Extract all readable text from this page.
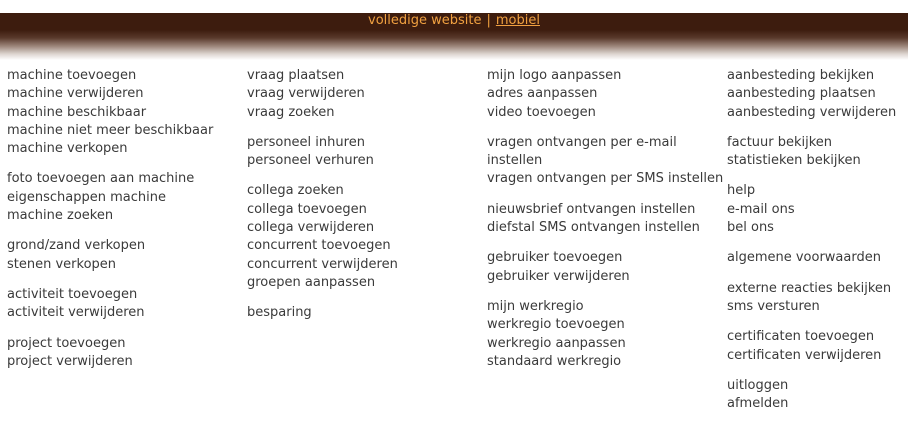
volledige website | mobiel
machine toevoegen
machine verwijderen
machine beschikbaar
machine niet meer beschikbaar
machine verkopen
foto toevoegen aan machine
eigenschappen machine
machine zoeken
grond/zand verkopen
stenen verkopen
activiteit toevoegen
activiteit verwijderen
project toevoegen
project verwijderen
vraag plaatsen
vraag verwijderen
vraag zoeken
personeel inhuren
personeel verhuren
collega zoeken
collega toevoegen
collega verwijderen
concurrent toevoegen
concurrent verwijderen
groepen aanpassen
besparing
mijn logo aanpassen
adres aanpassen
video toevoegen
vragen ontvangen per e-mail
instellen
vragen ontvangen per SMS instellen
nieuwsbrief ontvangen instellen
diefstal SMS ontvangen instellen
gebruiker toevoegen
gebruiker verwijderen
mijn werkregio
werkregio toevoegen
werkregio aanpassen
standaard werkregio
aanbesteding bekijken
aanbesteding plaatsen
aanbesteding verwijderen
factuur bekijken
statistieken bekijken
help
e-mail ons
bel ons
algemene voorwaarden
externe reacties bekijken
sms versturen
certificaten toevoegen
certificaten verwijderen
uitloggen
afmelden
